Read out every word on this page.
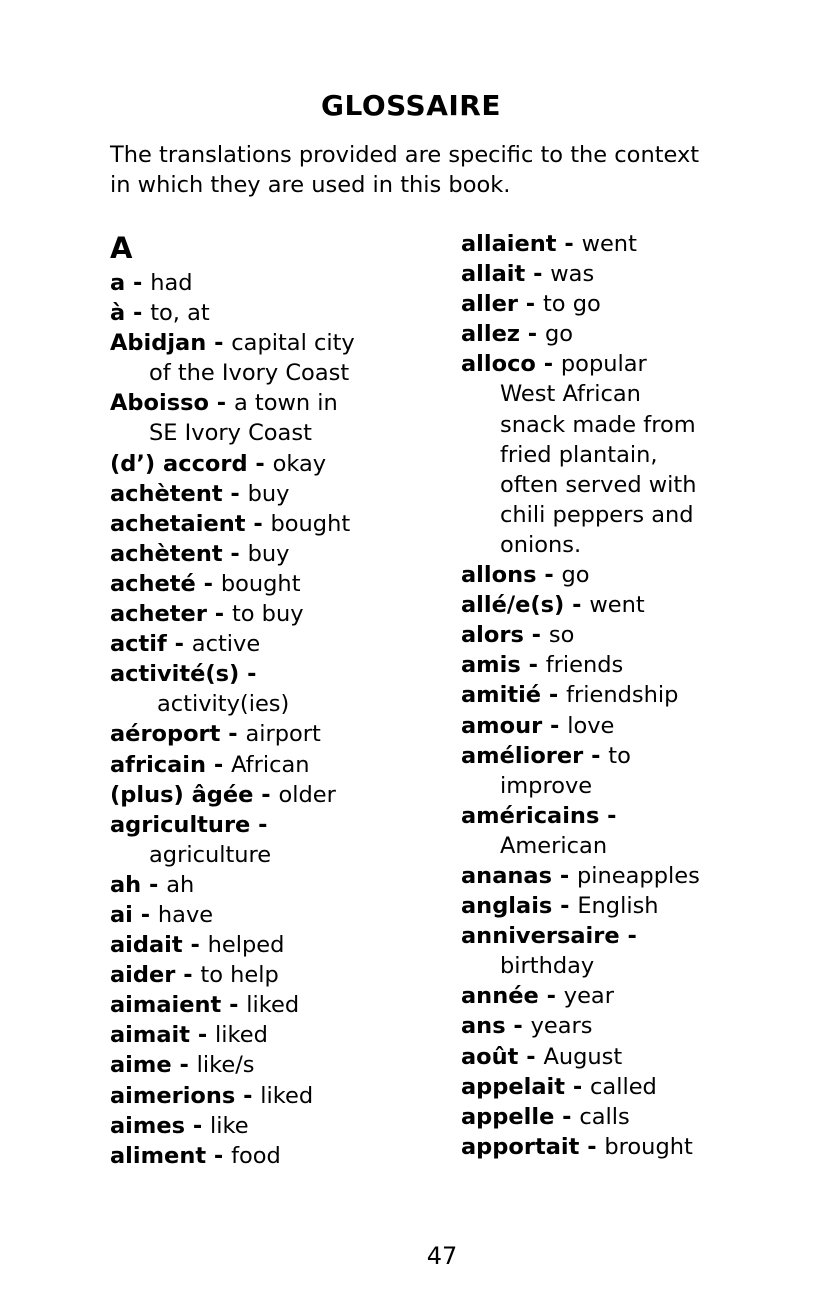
GLOSSAIRE
The translations provided are specific to the context
in which they are used in this book.
A
a - had
à - to, at
Abidjan - capital city
of the Ivory Coast
Aboisso - a town in
SE Ivory Coast
(d’) accord - okay
achètent - buy
achetaient - bought
achètent - buy
acheté - bought
acheter - to buy
actif - active
activité(s) -
activity(ies)
aéroport - airport
africain - African
(plus) âgée - older
agriculture -
agriculture
ah - ah
ai - have
aidait - helped
aider - to help
aimaient - liked
aimait - liked
aime - like/s
aimerions - liked
aimes - like
aliment - food
allaient - went
allait - was
aller - to go
allez - go
alloco - popular
West African
snack made from
fried plantain,
often served with
chili peppers and
onions.
allons - go
allé/e(s) - went
alors - so
amis - friends
amitié - friendship
amour - love
améliorer - to
improve
américains -
American
ananas - pineapples
anglais - English
anniversaire -
birthday
année - year
ans - years
août - August
appelait - called
appelle - calls
apportait - brought
47
